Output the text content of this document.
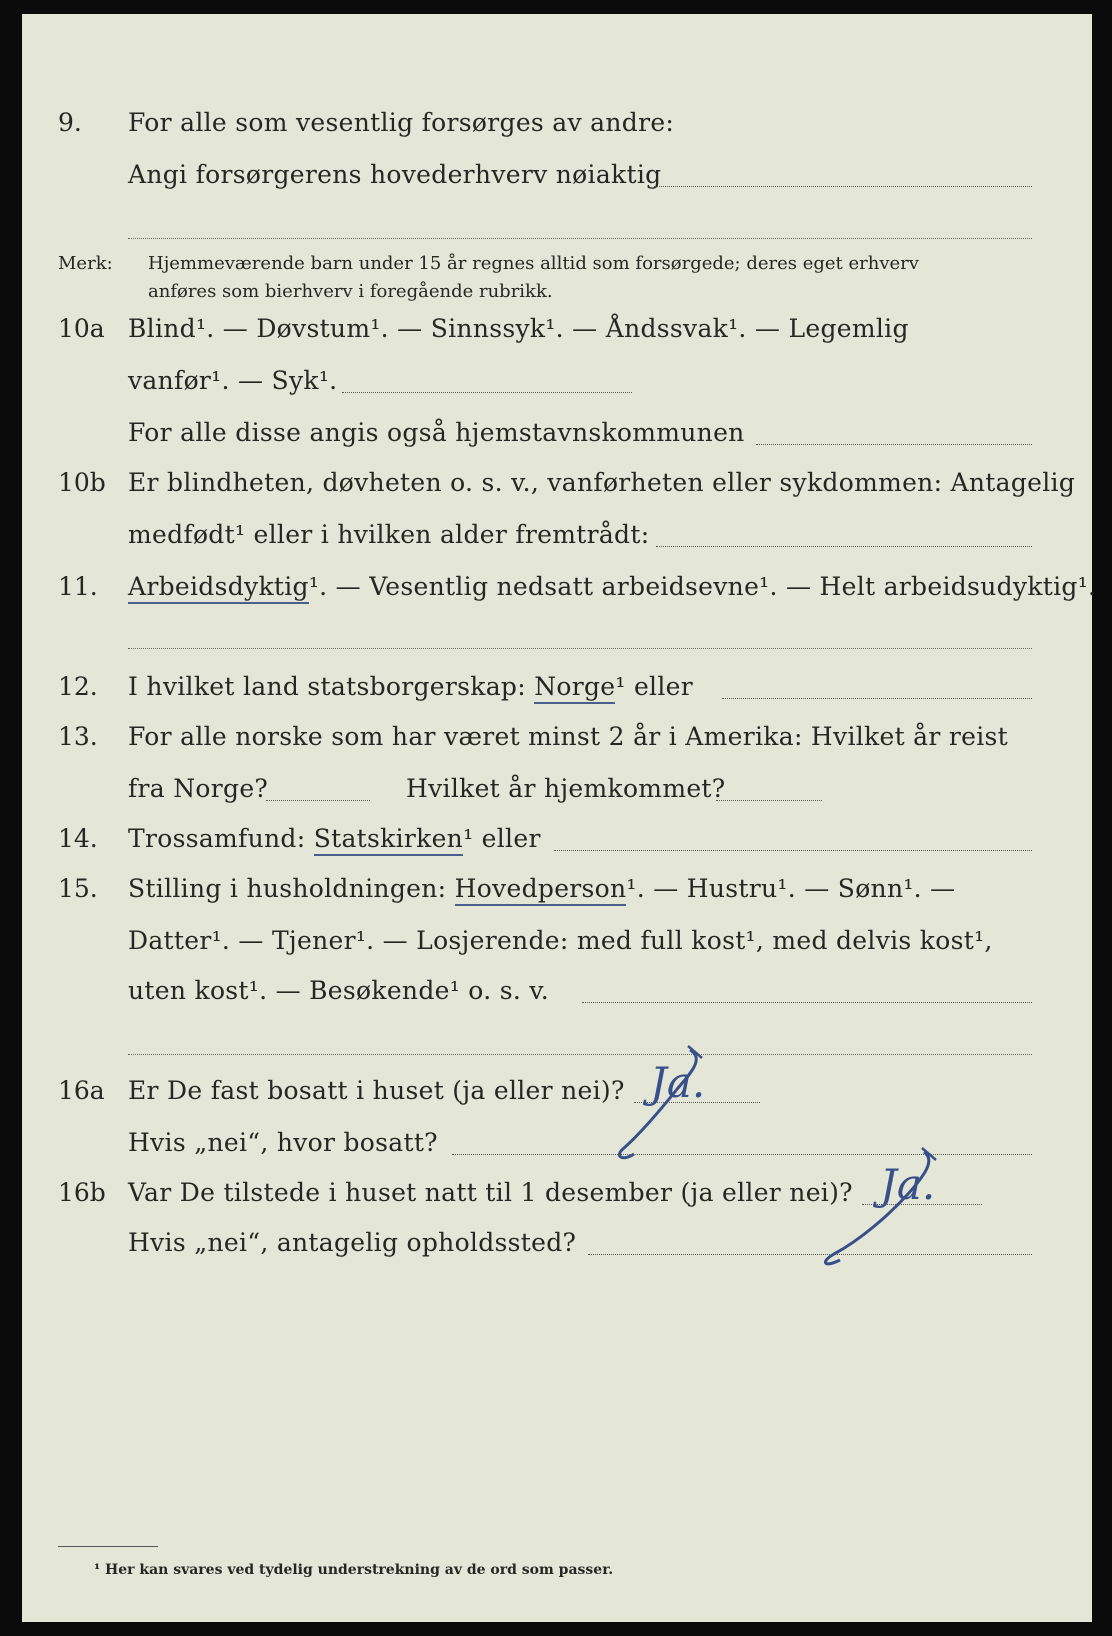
9. For alle som vesentlig forsørges av andre:
Angi forsørgerens hovederhverv nøiaktig
Merk: Hjemmeværende barn under 15 år regnes alltid som forsørgede; deres eget erhverv
anføres som bierhverv i foregående rubrikk.
10a Blind¹. — Døvstum¹. — Sinnssyk¹. — Åndssvak¹. — Legemlig
vanfør¹. — Syk¹.
For alle disse angis også hjemstavnskommunen
10b Er blindheten, døvheten o. s. v., vanførheten eller sykdommen: Antagelig
medfødt¹ eller i hvilken alder fremtrådt:
11. Arbeidsdyktig¹. — Vesentlig nedsatt arbeidsevne¹. — Helt arbeidsudyktig¹.
12. I hvilket land statsborgerskap: Norge¹ eller
13. For alle norske som har været minst 2 år i Amerika: Hvilket år reist
fra Norge?	Hvilket år hjemkommet?
14. Trossamfund: Statskirken¹ eller
15. Stilling i husholdningen: Hovedperson¹. — Hustru¹. — Sønn¹. —
Datter¹. — Tjener¹. — Losjerende: med full kost¹, med delvis kost¹,
uten kost¹. — Besøkende¹ o. s. v.
16a Er De fast bosatt i huset (ja eller nei)?
Hvis „nei“, hvor bosatt?
Ja.
16b Var De tilstede i huset natt til 1 desember (ja eller nei)?
Hvis „nei“, antagelig opholdssted?
Ja.
¹ Her kan svares ved tydelig understrekning av de ord som passer.
